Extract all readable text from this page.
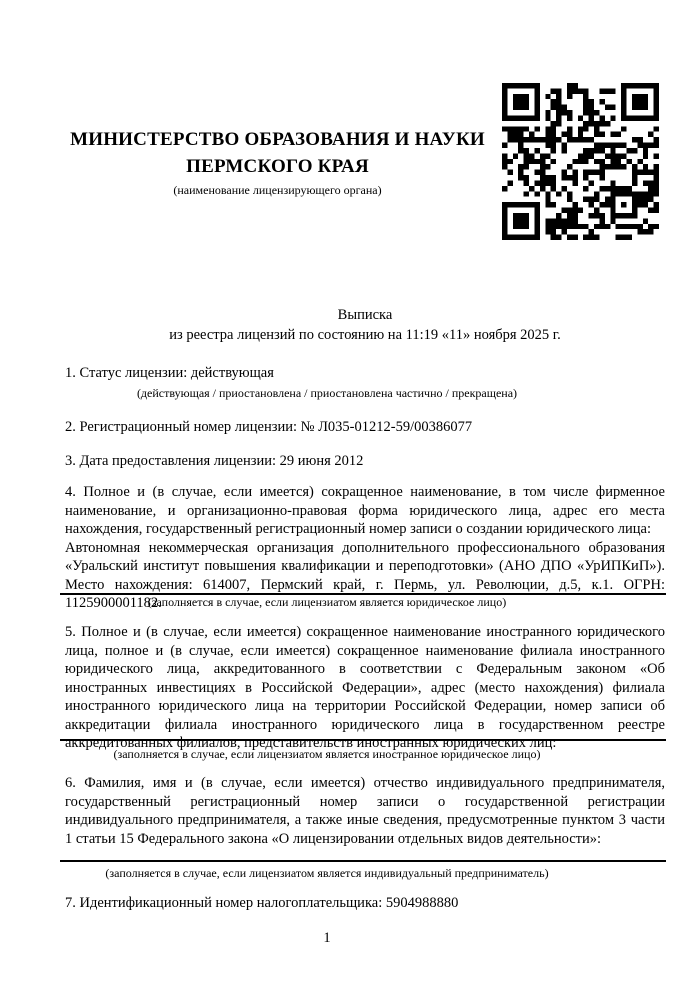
МИНИСТЕРСТВО ОБРАЗОВАНИЯ И НАУКИ
ПЕРМСКОГО КРАЯ
(наименование лицензирующего органа)
Выписка
из реестра лицензий по состоянию на 11:19 «11» ноября 2025 г.
1. Статус лицензии: действующая
(действующая / приостановлена / приостановлена частично / прекращена)
2. Регистрационный номер лицензии: № Л035-01212-59/00386077
3. Дата предоставления лицензии: 29 июня 2012

4. Полное и (в случае, если имеется) сокращенное наименование, в том числе фирменное наименование, и организационно-правовая форма юридического лица, адрес его места нахождения, государственный регистрационный номер записи о создании юридического лица:

Автономная некоммерческая организация дополнительного профессионального образования «Уральский институт повышения квалификации и переподготовки» (АНО ДПО «УрИПКиП»). Место нахождения: 614007, Пермский край, г. Пермь, ул. Революции, д.5, к.1. ОГРН: 1125900001182.

(заполняется в случае, если лицензиатом является юридическое лицо)

5. Полное и (в случае, если имеется) сокращенное наименование иностранного юридического лица, полное и (в случае, если имеется) сокращенное наименование филиала иностранного юридического лица, аккредитованного в соответствии с Федеральным законом «Об иностранных инвестициях в Российской Федерации», адрес (место нахождения) филиала иностранного юридического лица на территории Российской Федерации, номер записи об аккредитации филиала иностранного юридического лица в государственном реестре аккредитованных филиалов, представительств иностранных юридических лиц:

(заполняется в случае, если лицензиатом является иностранное юридическое лицо)

6. Фамилия, имя и (в случае, если имеется) отчество индивидуального предпринимателя, государственный регистрационный номер записи о государственной регистрации индивидуального предпринимателя, а также иные сведения, предусмотренные пунктом 3 части 1 статьи 15 Федерального закона «О лицензировании отдельных видов деятельности»:

(заполняется в случае, если лицензиатом является индивидуальный предприниматель)
7. Идентификационный номер налогоплательщика: 5904988880
1
